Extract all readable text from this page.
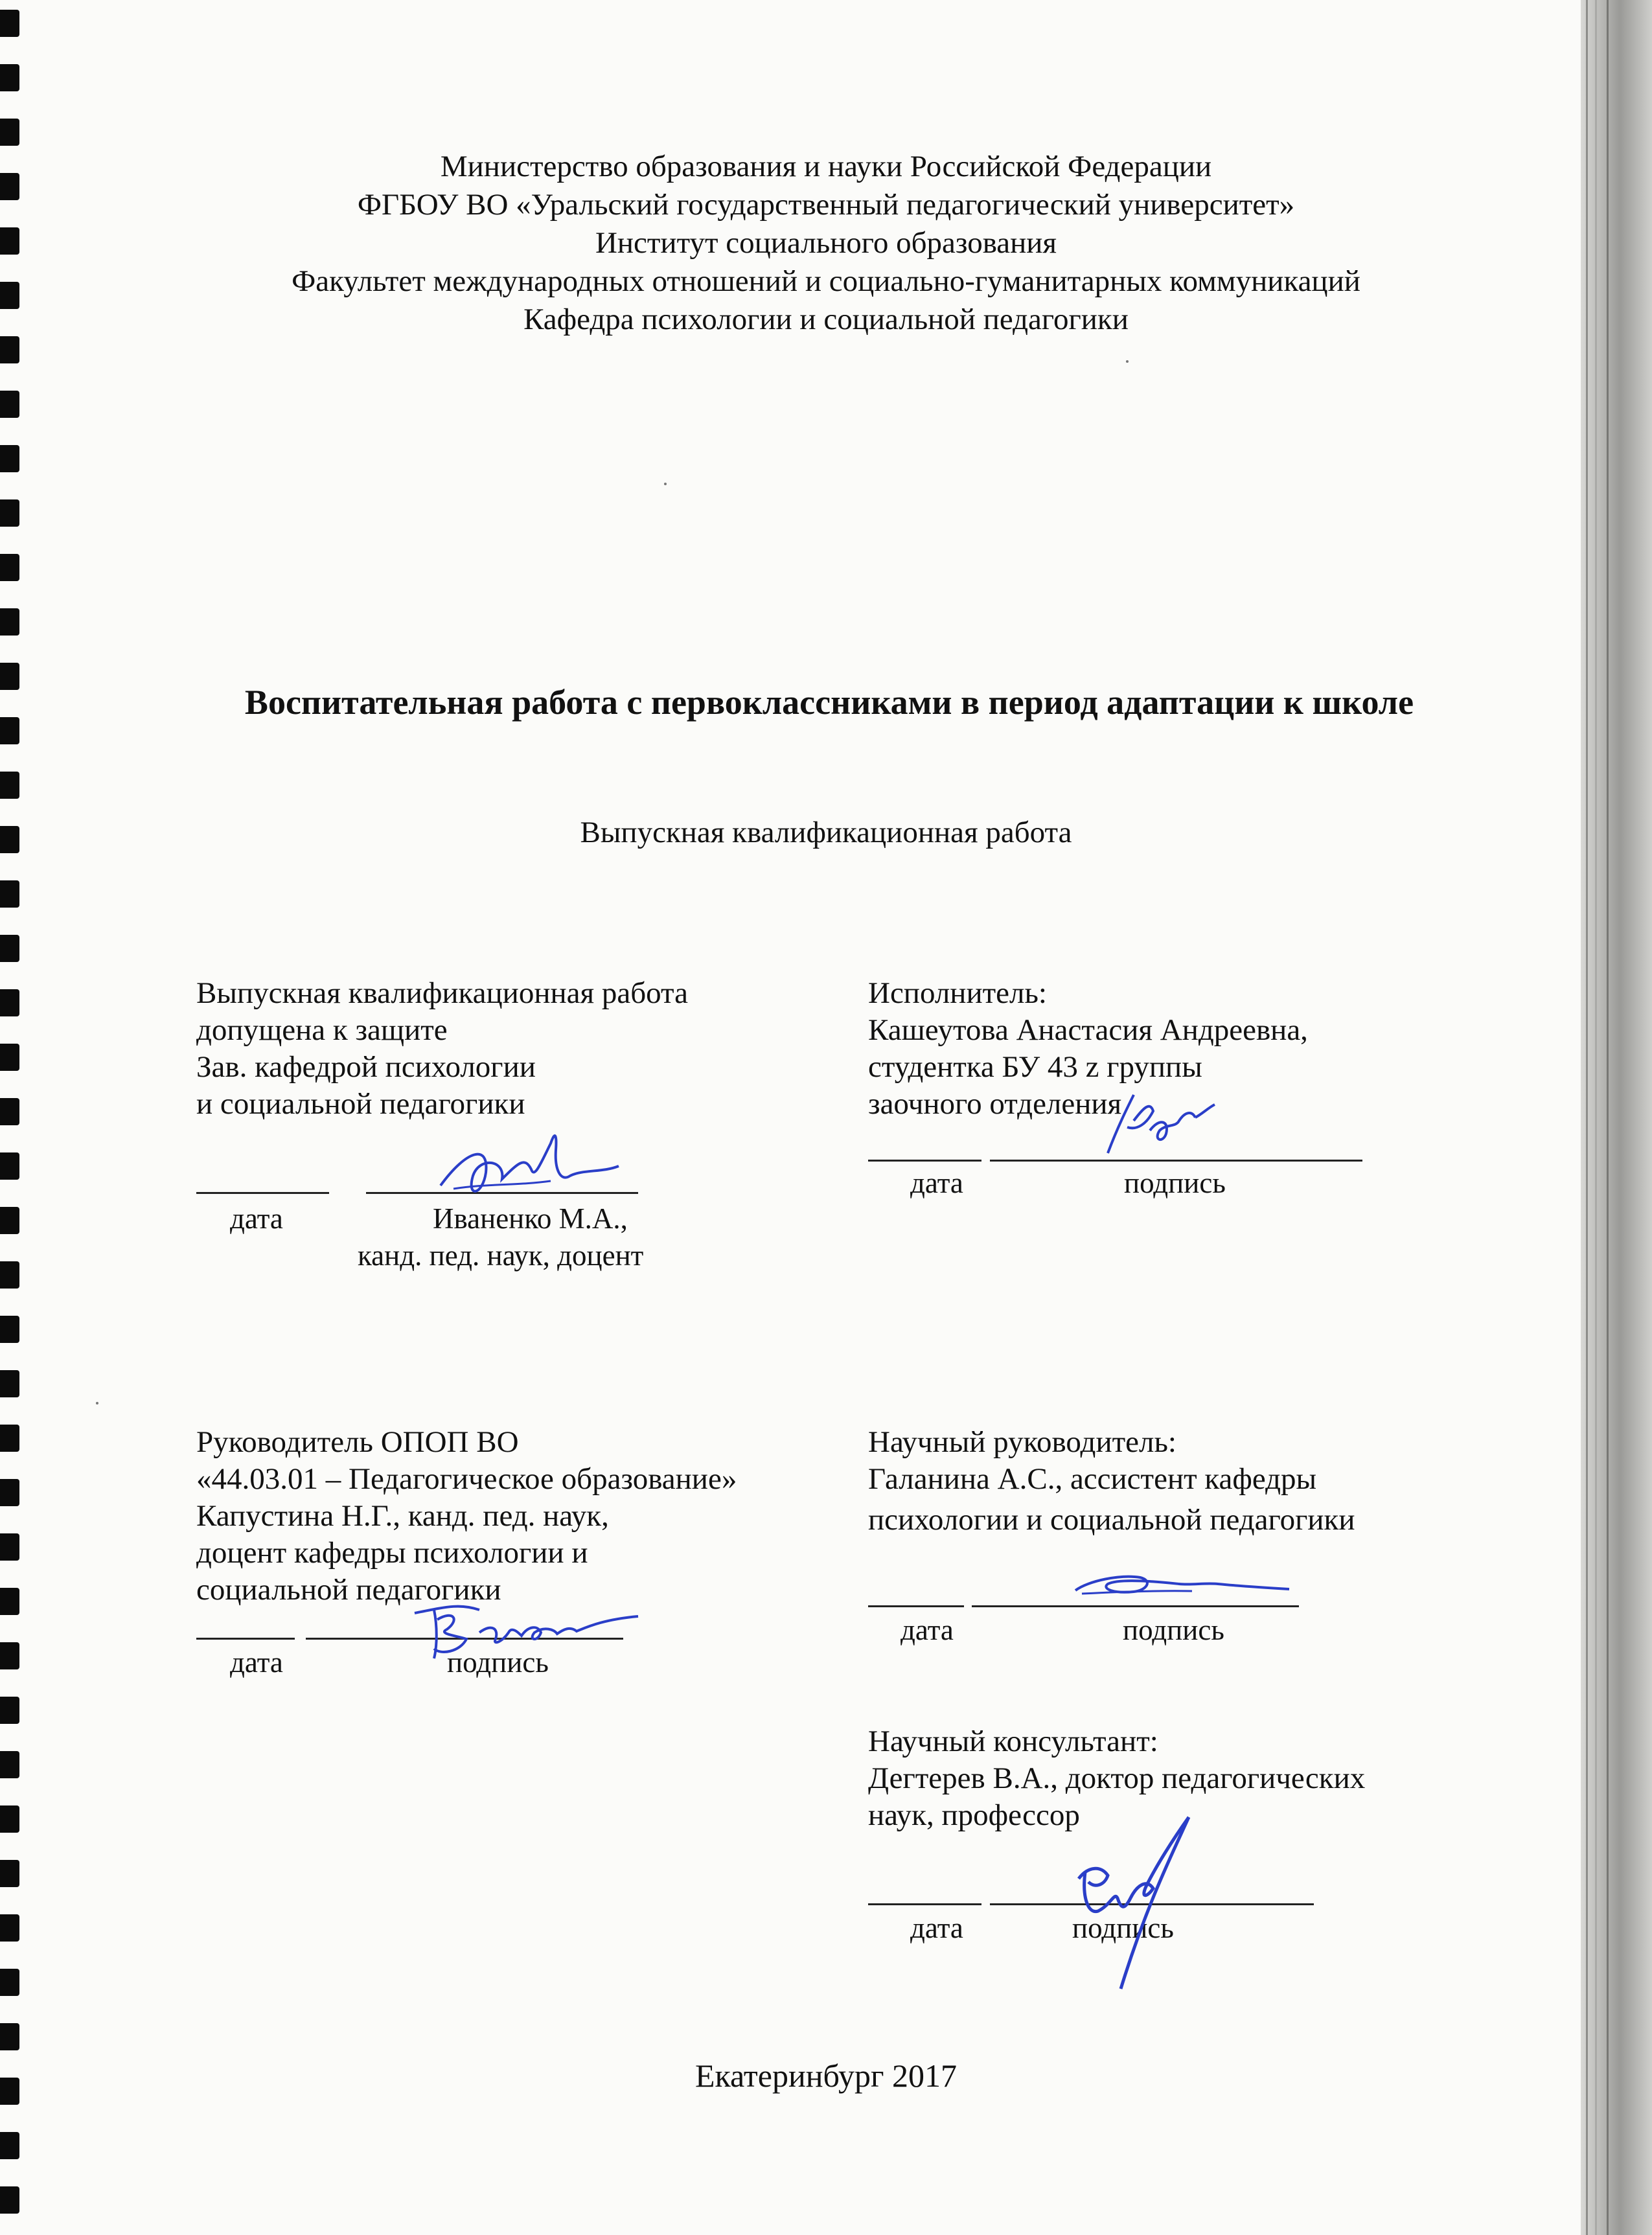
Министерство образования и науки Российской Федерации
ФГБОУ ВО «Уральский государственный педагогический университет»
Институт социального образования
Факультет международных отношений и социально-гуманитарных коммуникаций
Кафедра психологии и социальной педагогики
Воспитательная работа с первоклассниками в период адаптации к школе
Выпускная квалификационная работа
Выпускная квалификационная работа
допущена к защите
Зав. кафедрой психологии
и социальной педагогики
дата	Иваненко М.А.,
канд. пед. наук, доцент
Исполнитель:
Кашеутова Анастасия Андреевна,
студентка БУ 43 z группы
заочного отделения
дата	подпись
Руководитель ОПОП ВО
«44.03.01 – Педагогическое образование»
Капустина Н.Г., канд. пед. наук,
доцент кафедры психологии и
социальной педагогики
дата	подпись
Научный руководитель:
Галанина А.С., ассистент кафедры
психологии и социальной педагогики
дата	подпись
Научный консультант:
Дегтерев В.А., доктор педагогических
наук, профессор
дата	подпись
Екатеринбург 2017
